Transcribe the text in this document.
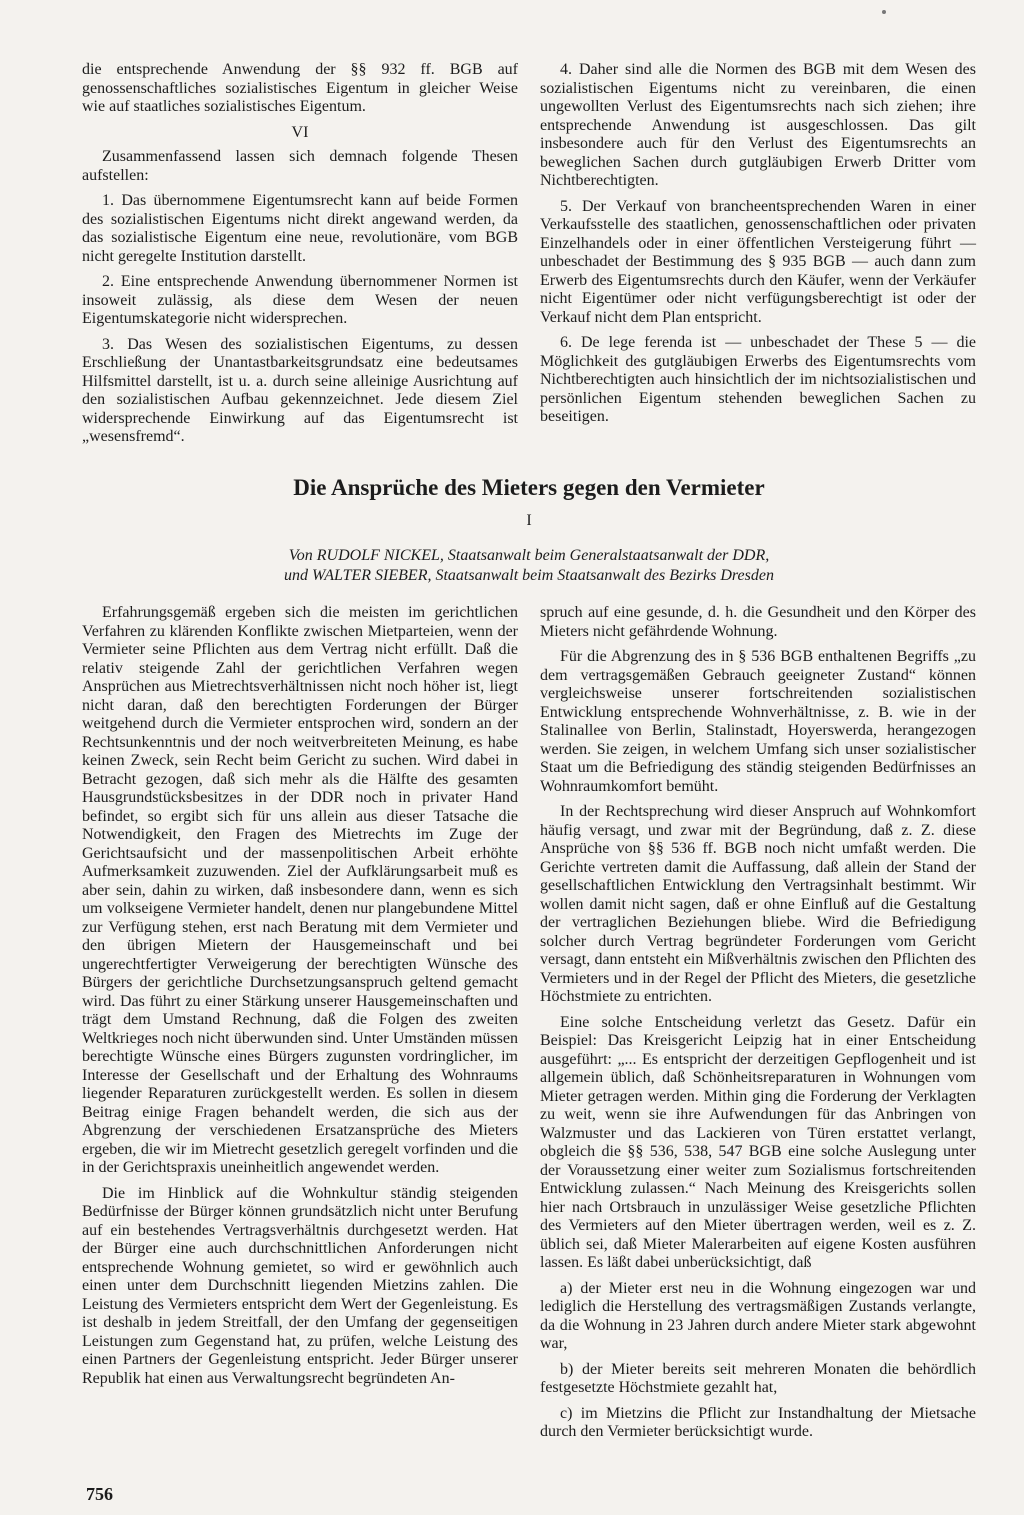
die entsprechende Anwendung der §§ 932 ff. BGB auf genossenschaftliches sozialistisches Eigentum in gleicher Weise wie auf staatliches sozialistisches Eigentum.

VI

Zusammenfassend lassen sich demnach folgende Thesen aufstellen:

1. Das übernommene Eigentumsrecht kann auf beide Formen des sozialistischen Eigentums nicht direkt angewand werden, da das sozialistische Eigentum eine neue, revolutionäre, vom BGB nicht geregelte Institution darstellt.

2. Eine entsprechende Anwendung übernommener Normen ist insoweit zulässig, als diese dem Wesen der neuen Eigentumskategorie nicht widersprechen.

3. Das Wesen des sozialistischen Eigentums, zu dessen Erschließung der Unantastbarkeitsgrundsatz eine bedeutsames Hilfsmittel darstellt, ist u. a. durch seine alleinige Ausrichtung auf den sozialistischen Aufbau gekennzeichnet. Jede diesem Ziel widersprechende Einwirkung auf das Eigentumsrecht ist „wesensfremd“.

4. Daher sind alle die Normen des BGB mit dem Wesen des sozialistischen Eigentums nicht zu vereinbaren, die einen ungewollten Verlust des Eigentumsrechts nach sich ziehen; ihre entsprechende Anwendung ist ausgeschlossen. Das gilt insbesondere auch für den Verlust des Eigentumsrechts an beweglichen Sachen durch gutgläubigen Erwerb Dritter vom Nichtberechtigten.

5. Der Verkauf von brancheentsprechenden Waren in einer Verkaufsstelle des staatlichen, genossenschaftlichen oder privaten Einzelhandels oder in einer öffentlichen Versteigerung führt — unbeschadet der Bestimmung des § 935 BGB — auch dann zum Erwerb des Eigentumsrechts durch den Käufer, wenn der Verkäufer nicht Eigentümer oder nicht verfügungsberechtigt ist oder der Verkauf nicht dem Plan entspricht.

6. De lege ferenda ist — unbeschadet der These 5 — die Möglichkeit des gutgläubigen Erwerbs des Eigentumsrechts vom Nichtberechtigten auch hinsichtlich der im nichtsozialistischen und persönlichen Eigentum stehenden beweglichen Sachen zu beseitigen.

Die Ansprüche des Mieters gegen den Vermieter
I
Von RUDOLF NICKEL, Staatsanwalt beim Generalstaatsanwalt der DDR,
und WALTER SIEBER, Staatsanwalt beim Staatsanwalt des Bezirks Dresden

Erfahrungsgemäß ergeben sich die meisten im gerichtlichen Verfahren zu klärenden Konflikte zwischen Mietparteien, wenn der Vermieter seine Pflichten aus dem Vertrag nicht erfüllt. Daß die relativ steigende Zahl der gerichtlichen Verfahren wegen Ansprüchen aus Mietrechtsverhältnissen nicht noch höher ist, liegt nicht daran, daß den berechtigten Forderungen der Bürger weitgehend durch die Vermieter entsprochen wird, sondern an der Rechtsunkenntnis und der noch weitverbreiteten Meinung, es habe keinen Zweck, sein Recht beim Gericht zu suchen. Wird dabei in Betracht gezogen, daß sich mehr als die Hälfte des gesamten Hausgrundstücksbesitzes in der DDR noch in privater Hand befindet, so ergibt sich für uns allein aus dieser Tatsache die Notwendigkeit, den Fragen des Mietrechts im Zuge der Gerichtsaufsicht und der massenpolitischen Arbeit erhöhte Aufmerksamkeit zuzuwenden. Ziel der Aufklärungsarbeit muß es aber sein, dahin zu wirken, daß insbesondere dann, wenn es sich um volkseigene Vermieter handelt, denen nur plangebundene Mittel zur Verfügung stehen, erst nach Beratung mit dem Vermieter und den übrigen Mietern der Hausgemeinschaft und bei ungerechtfertigter Verweigerung der berechtigten Wünsche des Bürgers der gerichtliche Durchsetzungsanspruch geltend gemacht wird. Das führt zu einer Stärkung unserer Hausgemeinschaften und trägt dem Umstand Rechnung, daß die Folgen des zweiten Weltkrieges noch nicht überwunden sind. Unter Umständen müssen berechtigte Wünsche eines Bürgers zugunsten vordringlicher, im Interesse der Gesellschaft und der Erhaltung des Wohnraums liegender Reparaturen zurückgestellt werden. Es sollen in diesem Beitrag einige Fragen behandelt werden, die sich aus der Abgrenzung der verschiedenen Ersatzansprüche des Mieters ergeben, die wir im Mietrecht gesetzlich geregelt vorfinden und die in der Gerichtspraxis uneinheitlich angewendet werden.

Die im Hinblick auf die Wohnkultur ständig steigenden Bedürfnisse der Bürger können grundsätzlich nicht unter Berufung auf ein bestehendes Vertragsverhältnis durchgesetzt werden. Hat der Bürger eine auch durchschnittlichen Anforderungen nicht entsprechende Wohnung gemietet, so wird er gewöhnlich auch einen unter dem Durchschnitt liegenden Mietzins zahlen. Die Leistung des Vermieters entspricht dem Wert der Gegenleistung. Es ist deshalb in jedem Streitfall, der den Umfang der gegenseitigen Leistungen zum Gegenstand hat, zu prüfen, welche Leistung des einen Partners der Gegenleistung entspricht. Jeder Bürger unserer Republik hat einen aus Verwaltungsrecht begründeten An-

spruch auf eine gesunde, d. h. die Gesundheit und den Körper des Mieters nicht gefährdende Wohnung.

Für die Abgrenzung des in § 536 BGB enthaltenen Begriffs „zu dem vertragsgemäßen Gebrauch geeigneter Zustand“ können vergleichsweise unserer fortschreitenden sozialistischen Entwicklung entsprechende Wohnverhältnisse, z. B. wie in der Stalinallee von Berlin, Stalinstadt, Hoyerswerda, herangezogen werden. Sie zeigen, in welchem Umfang sich unser sozialistischer Staat um die Befriedigung des ständig steigenden Bedürfnisses an Wohnraumkomfort bemüht.

In der Rechtsprechung wird dieser Anspruch auf Wohnkomfort häufig versagt, und zwar mit der Begründung, daß z. Z. diese Ansprüche von §§ 536 ff. BGB noch nicht umfaßt werden. Die Gerichte vertreten damit die Auffassung, daß allein der Stand der gesellschaftlichen Entwicklung den Vertragsinhalt bestimmt. Wir wollen damit nicht sagen, daß er ohne Einfluß auf die Gestaltung der vertraglichen Beziehungen bliebe. Wird die Befriedigung solcher durch Vertrag begründeter Forderungen vom Gericht versagt, dann entsteht ein Mißverhältnis zwischen den Pflichten des Vermieters und in der Regel der Pflicht des Mieters, die gesetzliche Höchstmiete zu entrichten.

Eine solche Entscheidung verletzt das Gesetz. Dafür ein Beispiel: Das Kreisgericht Leipzig hat in einer Entscheidung ausgeführt: „... Es entspricht der derzeitigen Gepflogenheit und ist allgemein üblich, daß Schönheitsreparaturen in Wohnungen vom Mieter getragen werden. Mithin ging die Forderung der Verklagten zu weit, wenn sie ihre Aufwendungen für das Anbringen von Walzmuster und das Lackieren von Türen erstattet verlangt, obgleich die §§ 536, 538, 547 BGB eine solche Auslegung unter der Voraussetzung einer weiter zum Sozialismus fortschreitenden Entwicklung zulassen.“ Nach Meinung des Kreisgerichts sollen hier nach Ortsbrauch in unzulässiger Weise gesetzliche Pflichten des Vermieters auf den Mieter übertragen werden, weil es z. Z. üblich sei, daß Mieter Malerarbeiten auf eigene Kosten ausführen lassen. Es läßt dabei unberücksichtigt, daß

a) der Mieter erst neu in die Wohnung eingezogen war und lediglich die Herstellung des vertragsmäßigen Zustands verlangte, da die Wohnung in 23 Jahren durch andere Mieter stark abgewohnt war,

b) der Mieter bereits seit mehreren Monaten die behördlich festgesetzte Höchstmiete gezahlt hat,

c) im Mietzins die Pflicht zur Instandhaltung der Mietsache durch den Vermieter berücksichtigt wurde.

756
